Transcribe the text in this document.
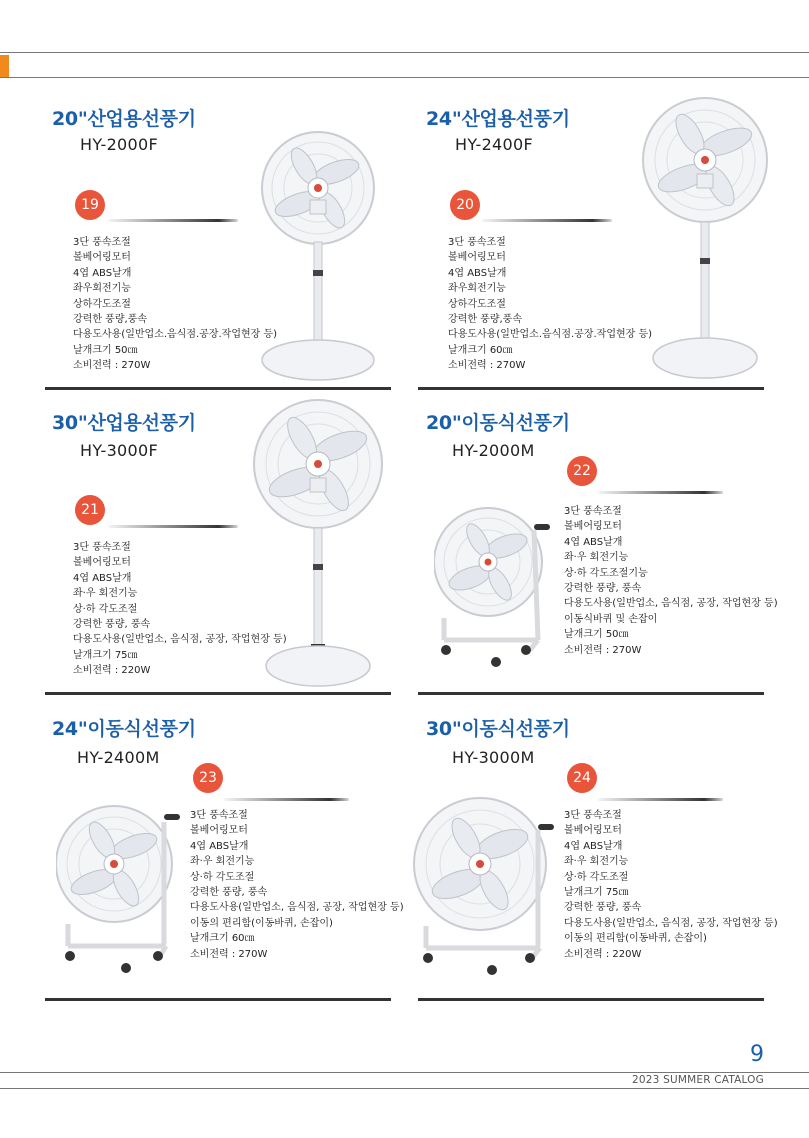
20"산업용선풍기
HY-2000F
19
3단 풍속조절
볼베어링모터
4엽 ABS날개
좌우회전기능
상하각도조절
강력한 풍량,풍속
다용도사용(일반업소.음식점.공장.작업현장 등)
날개크기 50㎝
소비전력 : 270W
24"산업용선풍기
HY-2400F
20
3단 풍속조절
볼베어링모터
4엽 ABS날개
좌우회전기능
상하각도조절
강력한 풍량,풍속
다용도사용(일반업소.음식점.공장.작업현장 등)
날개크기 60㎝
소비전력 : 270W
30"산업용선풍기
HY-3000F
21
3단 풍속조절
볼베어링모터
4엽 ABS날개
좌·우 회전기능
상·하 각도조절
강력한 풍량, 풍속
다용도사용(일반업소, 음식점, 공장, 작업현장 등)
날개크기 75㎝
소비전력 : 220W
20"이동식선풍기
HY-2000M
22
3단 풍속조절
볼베어링모터
4엽 ABS날개
좌·우 회전기능
상·하 각도조절기능
강력한 풍량, 풍속
다용도사용(일반업소, 음식점, 공장, 작업현장 등)
이동식바퀴 및 손잡이
날개크기 50㎝
소비전력 : 270W
24"이동식선풍기
HY-2400M
23
3단 풍속조절
볼베어링모터
4엽 ABS날개
좌·우 회전기능
상·하 각도조절
강력한 풍량, 풍속
다용도사용(일반업소, 음식점, 공장, 작업현장 등)
이동의 편리함(이동바퀴, 손잡이)
날개크기 60㎝
소비전력 : 270W
30"이동식선풍기
HY-3000M
24
3단 풍속조절
볼베어링모터
4엽 ABS날개
좌·우 회전기능
상·하 각도조절
날개크기 75㎝
강력한 풍량, 풍속
다용도사용(일반업소, 음식점, 공장, 작업현장 등)
이동의 편리함(이동바퀴, 손잡이)
소비전력 : 220W
9
2023 SUMMER CATALOG
